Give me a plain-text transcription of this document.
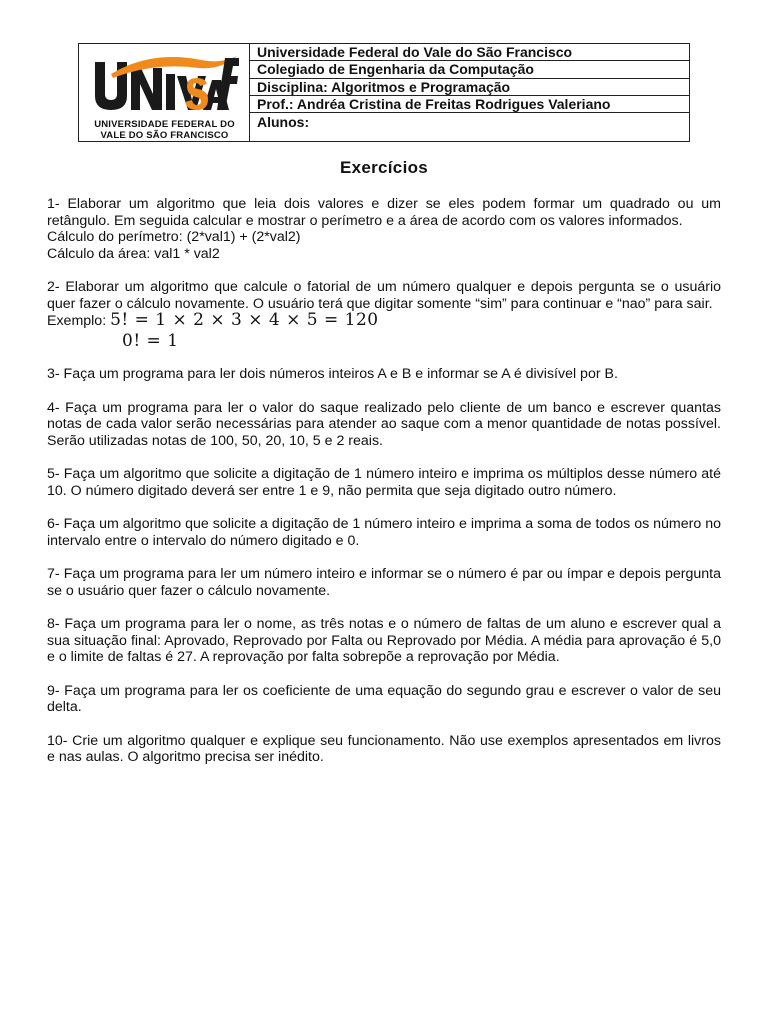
UNIVERSIDADE FEDERAL DO
VALE DO SÃO FRANCISCO
Universidade Federal do Vale do São Francisco
Colegiado de Engenharia da Computação
Disciplina: Algoritmos e Programação
Prof.: Andréa Cristina de Freitas Rodrigues Valeriano
Alunos:
Exercícios

1- Elaborar um algoritmo que leia dois valores e dizer se eles podem formar um quadrado ou um retângulo. Em seguida calcular e mostrar o perímetro e a área de acordo com os valores informados.

Cálculo do perímetro: (2*val1) + (2*val2)

Cálculo da área: val1 * val2

2- Elaborar um algoritmo que calcule o fatorial de um número qualquer e depois pergunta se o usuário quer fazer o cálculo novamente. O usuário terá que digitar somente “sim” para continuar e “nao” para sair.

Exemplo: 5! = 1 × 2 × 3 × 4 × 5 = 120
0! = 1

3- Faça um programa para ler dois números inteiros A e B e informar se A é divisível por B.

4- Faça um programa para ler o valor do saque realizado pelo cliente de um banco e escrever quantas notas de cada valor serão necessárias para atender ao saque com a menor quantidade de notas possível. Serão utilizadas notas de 100, 50, 20, 10, 5 e 2 reais.

5- Faça um algoritmo que solicite a digitação de 1 número inteiro e imprima os múltiplos desse número até 10. O número digitado deverá ser entre 1 e 9, não permita que seja digitado outro número.

6- Faça um algoritmo que solicite a digitação de 1 número inteiro e imprima a soma de todos os número no intervalo entre o intervalo do número digitado e 0.

7- Faça um programa para ler um número inteiro e informar se o número é par ou ímpar e depois pergunta se o usuário quer fazer o cálculo novamente.

8- Faça um programa para ler o nome, as três notas e o número de faltas de um aluno e escrever qual a sua situação final: Aprovado, Reprovado por Falta ou Reprovado por Média. A média para aprovação é 5,0 e o limite de faltas é 27. A reprovação por falta sobrepõe a reprovação por Média.

9- Faça um programa para ler os coeficiente de uma equação do segundo grau e escrever o valor de seu delta.

10- Crie um algoritmo qualquer e explique seu funcionamento. Não use exemplos apresentados em livros e nas aulas. O algoritmo precisa ser inédito.
